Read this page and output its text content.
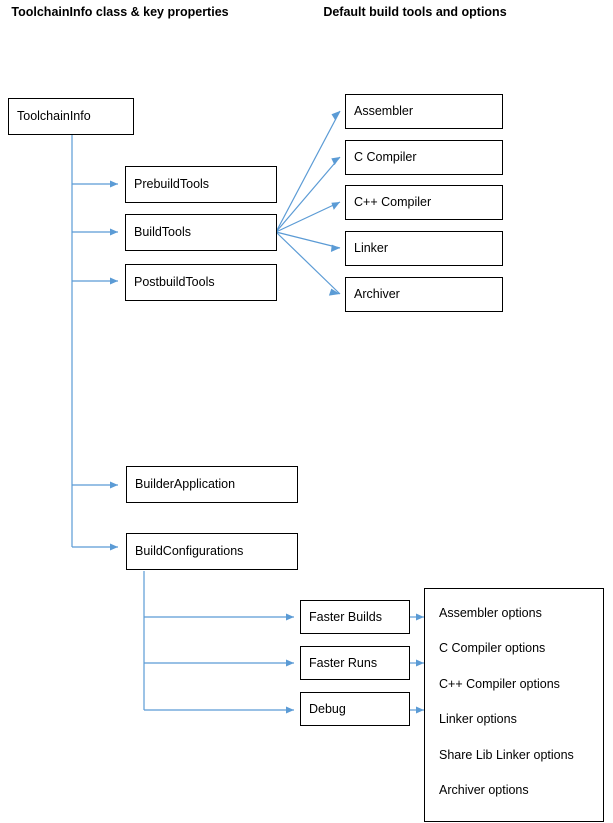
ToolchainInfo class & key properties	Default build tools and options
ToolchainInfo
PrebuildTools
BuildTools
PostbuildTools
BuilderApplication
BuildConfigurations
Assembler
C Compiler
C++ Compiler
Linker
Archiver
Faster Builds
Faster Runs
Debug
Assembler options
C Compiler options
C++ Compiler options
Linker options
Share Lib Linker options
Archiver options
